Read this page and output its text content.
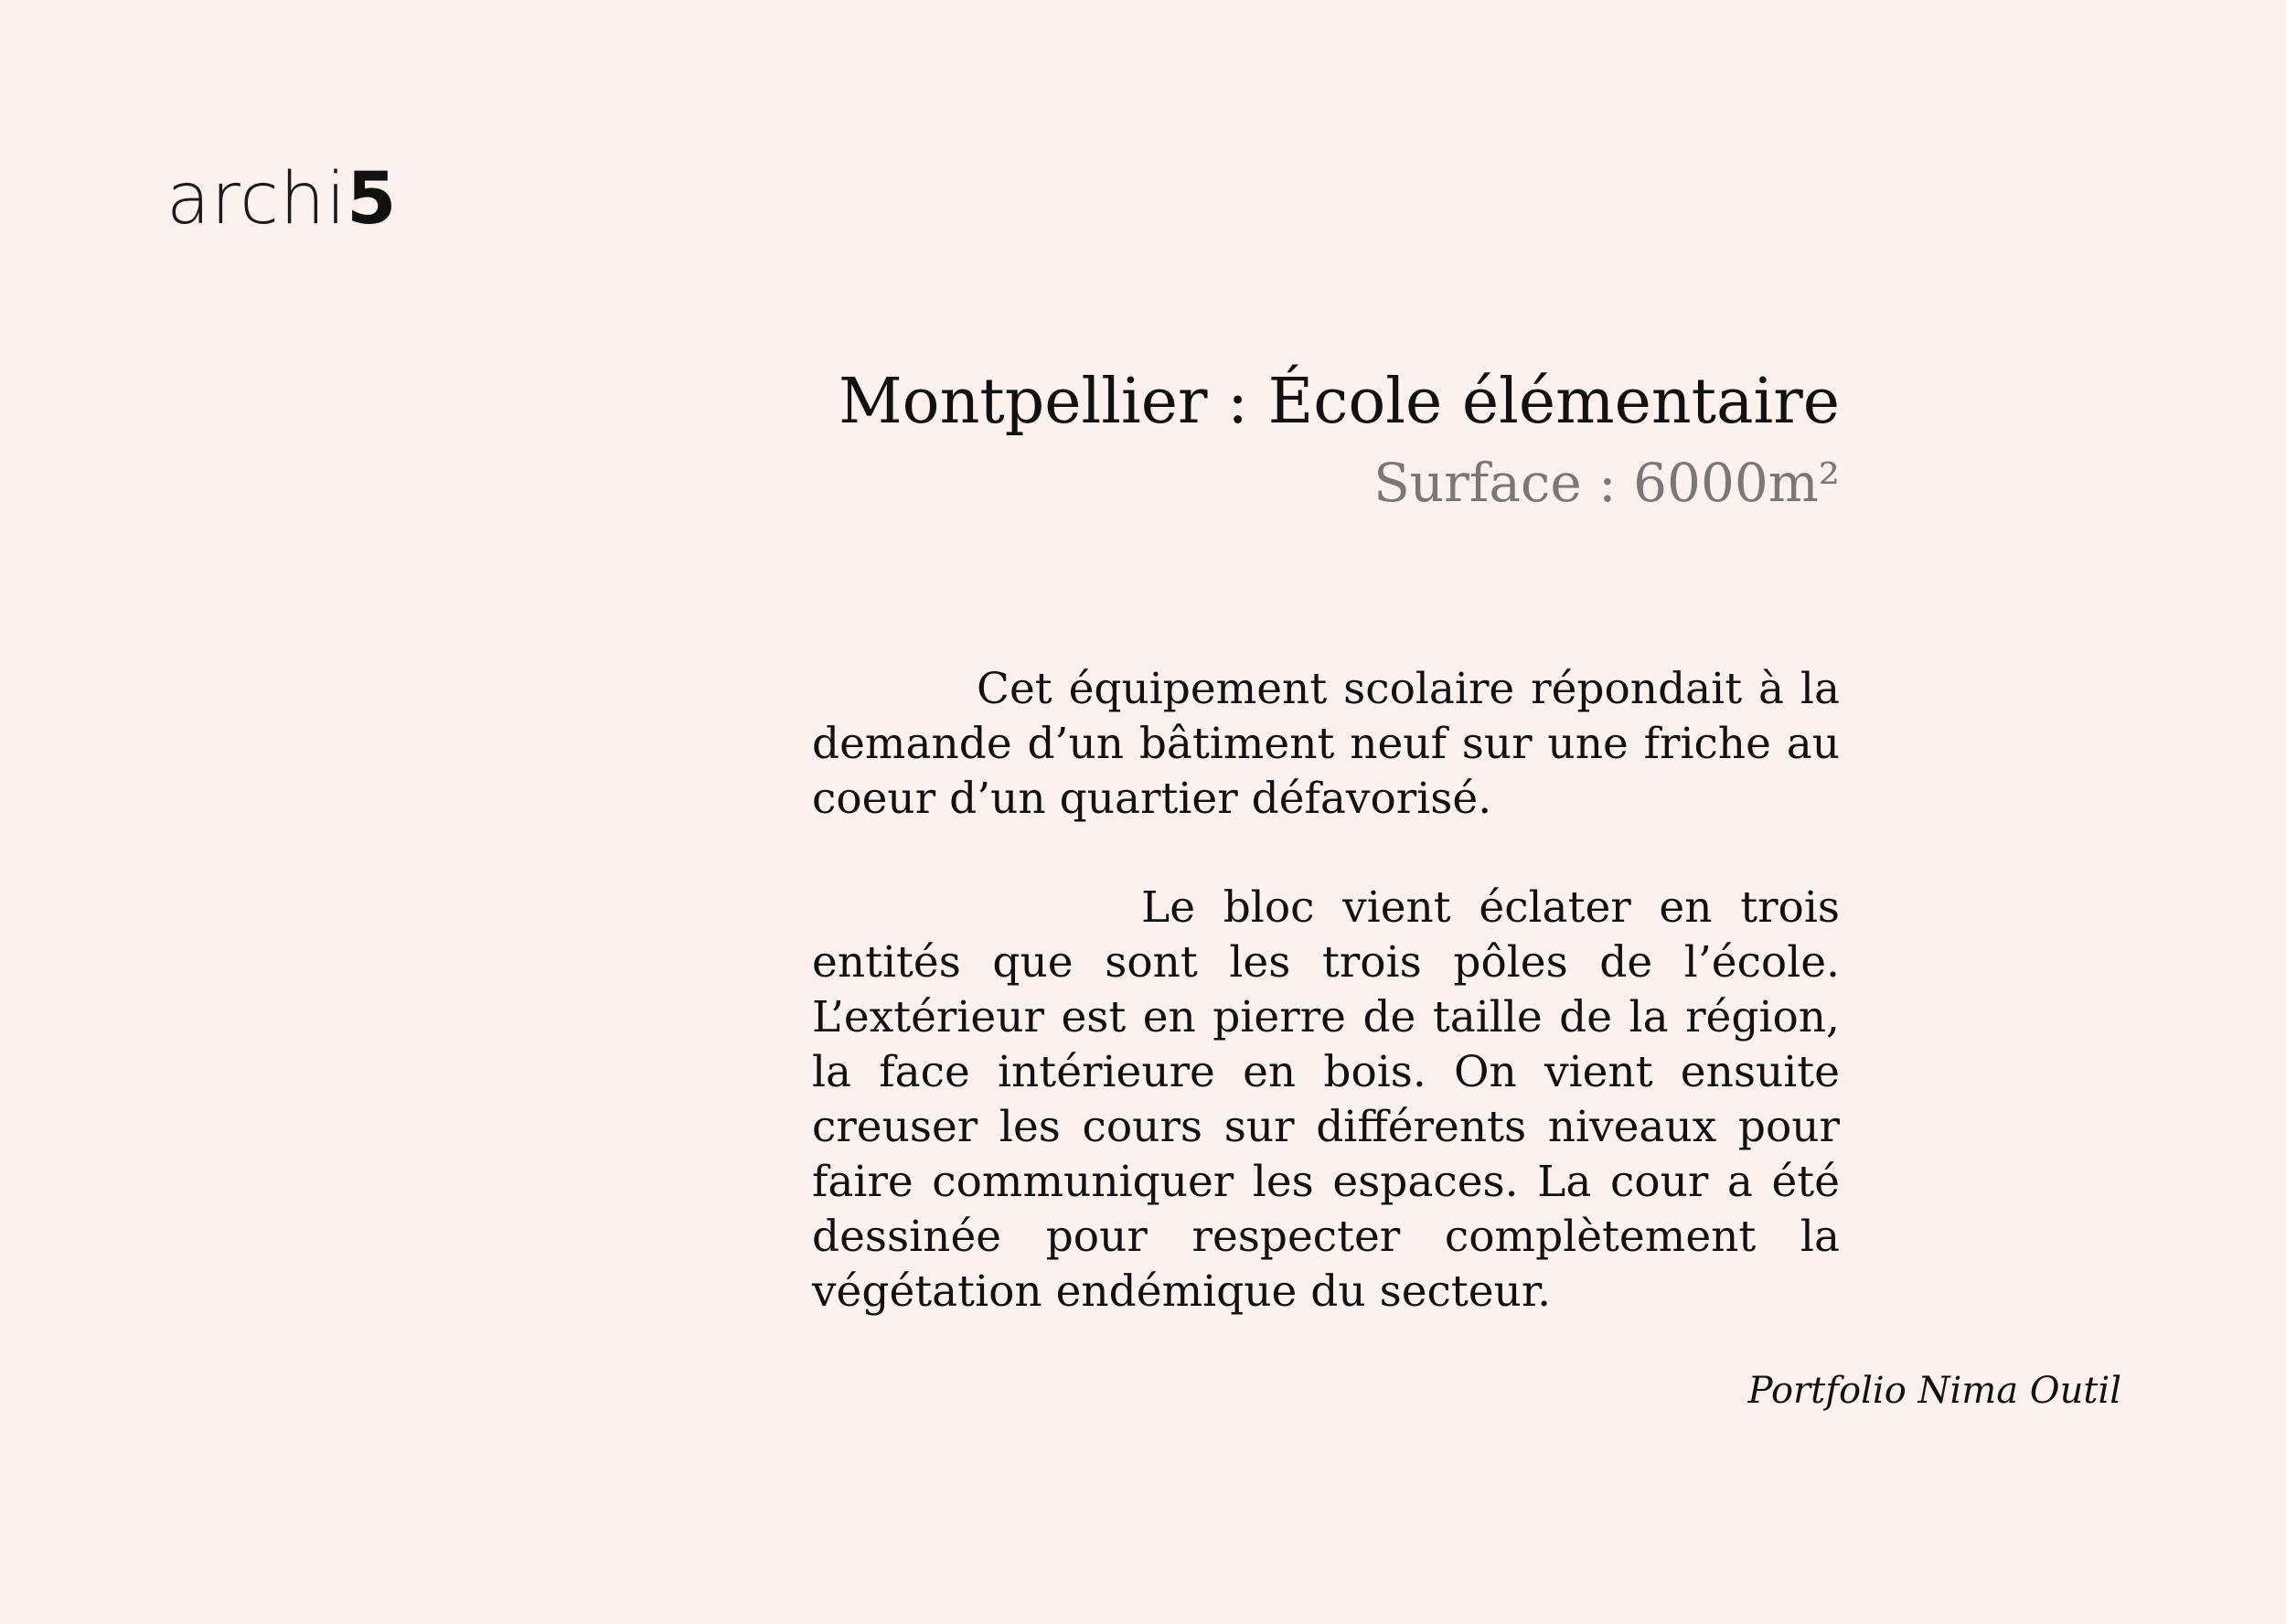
archi5
Montpellier : École élémentaire
Surface : 6000m²

Cet équipement scolaire répondait à la demande d’un bâtiment neuf sur une friche au coeur d’un quartier défavorisé.

Le bloc vient éclater en trois entités que sont les trois pôles de l’école. L’extérieur est en pierre de taille de la région, la face intérieure en bois. On vient ensuite creuser les cours sur différents niveaux pour faire communiquer les espaces. La cour a été dessinée pour respecter complètement la végétation endémique du secteur.

Portfolio Nima Outil
